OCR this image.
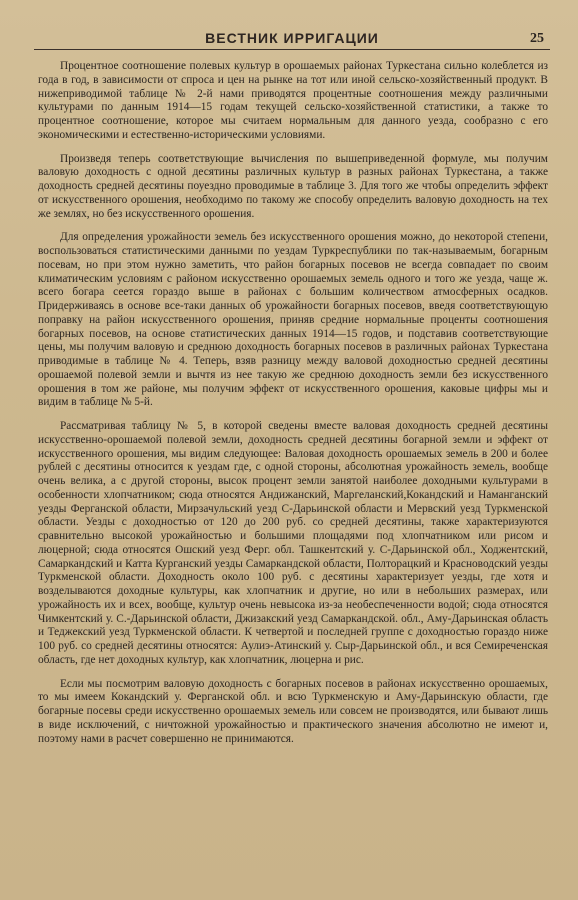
ВЕСТНИК ИРРИГАЦИИ	25

Процентное соотношение полевых культур в орошаемых районах Туркестана сильно колеблется из года в год, в зависимости от спроса и цен на рынке на тот или иной сельско-хозяйственный продукт. В нижеприводимой таблице № 2-й нами приводятся процентные соотношения между различными культурами по данным 1914—15 годам текущей сельско-хозяйственной статистики, а также то процентное соотношение, которое мы считаем нормальным для данного уезда, сообразно с его экономическими и естественно-историческими условиями.

Произведя теперь соответствующие вычисления по вышеприведенной формуле, мы получим валовую доходность с одной десятины различных культур в разных районах Туркестана, а также доходность средней десятины поуездно проводимые в таблице 3. Для того же чтобы определить эффект от искусственного орошения, необходимо по такому же способу определить валовую доходность на тех же землях, но без искусственного орошения.

Для определения урожайности земель без искусственного орошения можно, до некоторой степени, воспользоваться статистическими данными по уездам Туркреспублики по так-называемым, богарным посевам, но при этом нужно заметить, что район богарных посевов не всегда совпадает по своим климатическим условиям с районом искусственно орошаемых земель одного и того же уезда, чаще ж. всего богара сеется гораздо выше в районах с большим количеством атмосферных осадков. Придерживаясь в основе все-таки данных об урожайности богарных посевов, введя соответствующую поправку на район искусственного орошения, приняв средние нормальные проценты соотношения богарных посевов, на основе статистических данных 1914—15 годов, и подставив соответствующие цены, мы получим валовую и среднюю доходность богарных посевов в различных районах Туркестана приводимые в таблице № 4. Теперь, взяв разницу между валовой доходностью средней десятины орошаемой полевой земли и вычтя из нее такую же среднюю доходность земли без искусственного орошения в том же районе, мы получим эффект от искусственного орошения, каковые цифры мы и видим в таблице № 5-й.

Рассматривая таблицу № 5, в которой сведены вместе валовая доходность средней десятины искусственно-орошаемой полевой земли, доходность средней десятины богарной земли и эффект от искусственного орошения, мы видим следующее: Валовая доходность орошаемых земель в 200 и более рублей с десятины относится к уездам где, с одной стороны, абсолютная урожайность земель, вообще очень велика, а с другой стороны, высок процент земли занятой наиболее доходными культурами в особенности хлопчатником; сюда относятся Андижанский, Маргеланский,Кокандский и Наманганский уезды Ферганской области, Мирзачульский уезд С-Дарьинской области и Мервский уезд Туркменской области. Уезды с доходностью от 120 до 200 руб. со средней десятины, также характеризуются сравнительно высокой урожайностью и большими площадями под хлопчатником или рисом и люцерной; сюда относятся Ошский уезд Ферг. обл. Ташкентский у. С-Дарьинской обл., Ходжентский, Самаркандский и Катта Курганский уезды Самаркандской области, Полторацкий и Красноводский уезды Туркменской области. Доходность около 100 руб. с десятины характеризует уезды, где хотя и возделываются доходные культуры, как хлопчатник и другие, но или в небольших размерах, или урожайность их и всех, вообще, культур очень невысока из-за необеспеченности водой; сюда относятся Чимкентский у. С.-Дарьинской области, Джизакский уезд Самаркандской. обл., Аму-Дарьинская область и Теджекский уезд Туркменской области. К четвертой и последней группе с доходностью гораздо ниже 100 руб. со средней десятины относятся: Аулиэ-Атинский у. Сыр-Дарьинской обл., и вся Семиреченская область, где нет доходных культур, как хлопчатник, люцерна и рис.

Если мы посмотрим валовую доходность с богарных посевов в районах искусственно орошаемых, то мы имеем Кокандский у. Ферганской обл. и всю Туркменскую и Аму-Дарьинскую области, где богарные посевы среди искусственно орошаемых земель или совсем не производятся, или бывают лишь в виде исключений, с ничтожной урожайностью и практического значения абсолютно не имеют и, поэтому нами в расчет совершенно не принимаются.
